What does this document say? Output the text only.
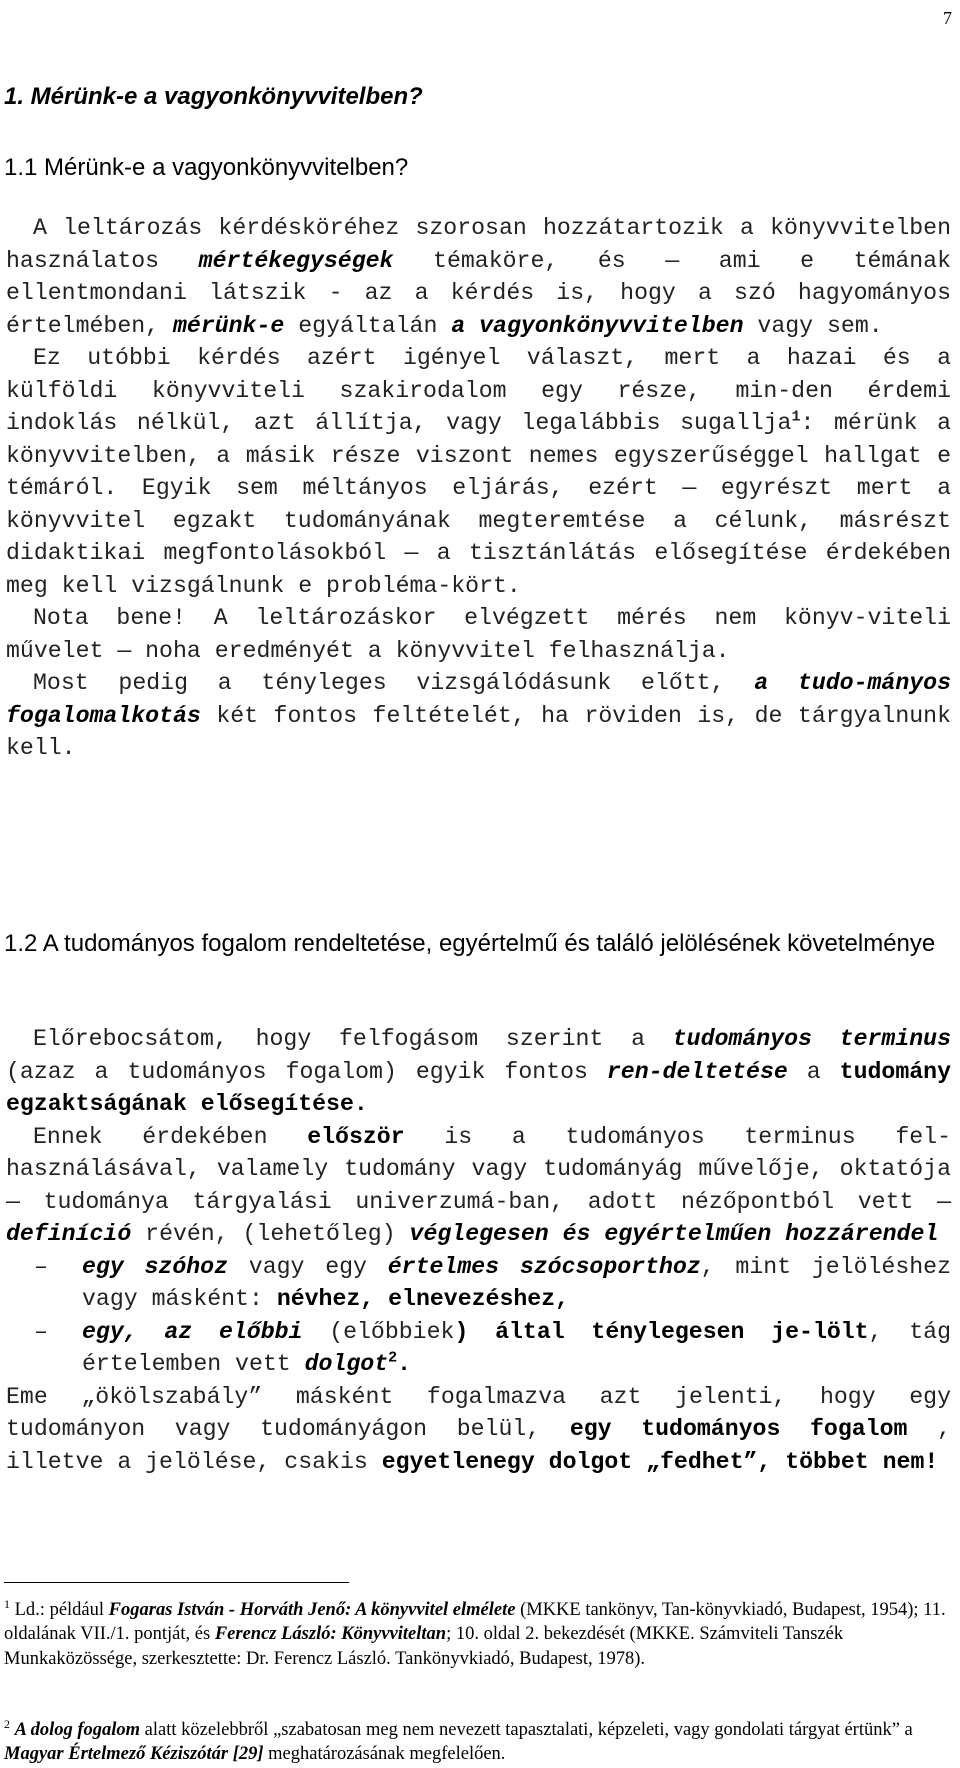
7
1. Mérünk-e a vagyonkönyvvitelben?
1.1 Mérünk-e a vagyonkönyvvitelben?

A leltározás kérdésköréhez szorosan hozzátartozik a könyvvitelben használatos mértékegységek témaköre, és ― ami e témának ellentmondani látszik - az a kérdés is, hogy a szó hagyományos értelmében, mérünk-e egyáltalán a vagyonkönyvvitelben vagy sem.

Ez utóbbi kérdés azért igényel választ, mert a hazai és a külföldi könyvviteli szakirodalom egy része, min-den érdemi indoklás nélkül, azt állítja, vagy legalábbis sugallja$^1$: mérünk a könyvvitelben, a másik része viszont nemes egyszerűséggel hallgat e témáról. Egyik sem méltányos eljárás, ezért ― egyrészt mert a könyvvitel egzakt tudományának megteremtése a célunk, másrészt didaktikai megfontolásokból ― a tisztánlátás elősegítése érdekében meg kell vizsgálnunk e probléma-kört.

Nota bene! A leltározáskor elvégzett mérés nem könyv-viteli művelet ― noha eredményét a könyvvitel felhasználja.

Most pedig a tényleges vizsgálódásunk előtt, a tudo-mányos fogalomalkotás két fontos feltételét, ha röviden is, de tárgyalnunk kell.

1.2 A tudományos fogalom rendeltetése, egyértelmű és találó jelölésének követelménye

Előrebocsátom, hogy felfogásom szerint a tudományos terminus (azaz a tudományos fogalom) egyik fontos ren-deltetése a tudomány egzaktságának elősegítése.

Ennek érdekében először is a tudományos terminus fel-használásával, valamely tudomány vagy tudományág művelője, oktatója ― tudománya tárgyalási univerzumá-ban, adott nézőpontból vett ― definíció révén, (lehetőleg) véglegesen és egyértelműen hozzárendel

– egy szóhoz vagy egy értelmes szócsoporthoz, mint jelöléshez vagy másként: névhez, elnevezéshez,

– egy, az előbbi (előbbiek) által ténylegesen je-lölt, tág értelemben vett dolgot$^2$.

Eme „ökölszabály” másként fogalmazva azt jelenti, hogy egy tudományon vagy tudományágon belül, egy tudományos fogalom , illetve a jelölése, csakis egyetlenegy dolgot „fedhet”, többet nem!

$^1$ Ld.: például Fogaras István - Horváth Jenő: A könyvvitel elmélete (MKKE tankönyv, Tan-könyvkiadó, Budapest, 1954); 11. oldalának VII./1. pontját, és Ferencz László: Könyvviteltan; 10. oldal 2. bekezdését (MKKE. Számviteli Tanszék Munkaközössége, szerkesztette: Dr. Ferencz László. Tankönyvkiadó, Budapest, 1978).
$^2$ A dolog fogalom alatt közelebbről „szabatosan meg nem nevezett tapasztalati, képzeleti, vagy gondolati tárgyat értünk” a Magyar Értelmező Kéziszótár [29] meghatározásának megfelelően.
